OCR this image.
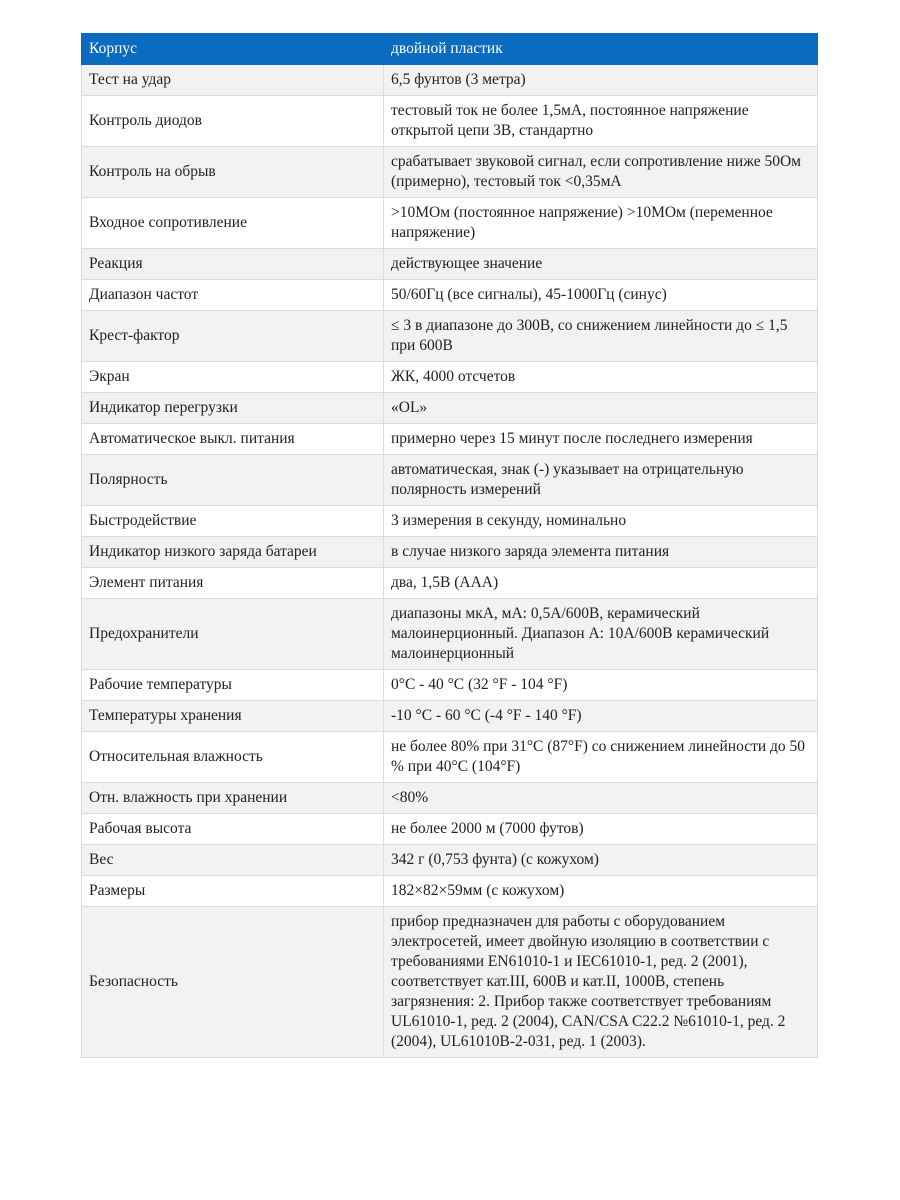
Корпус	двойной пластик
Тест на удар	6,5 фунтов (3 метра)
Контроль диодов	тестовый ток не более 1,5мА, постоянное напряжение открытой цепи 3В, стандартно
Контроль на обрыв	срабатывает звуковой сигнал, если сопротивление ниже 50Ом (примерно), тестовый ток <0,35мА
Входное сопротивление	>10МОм (постоянное напряжение) >10МОм (переменное напряжение)
Реакция	действующее значение
Диапазон частот	50/60Гц (все сигналы), 45-1000Гц (синус)
Крест-фактор	≤ 3 в диапазоне до 300В, со снижением линейности до ≤ 1,5 при 600В
Экран	ЖК, 4000 отсчетов
Индикатор перегрузки	«OL»
Автоматическое выкл. питания	примерно через 15 минут после последнего измерения
Полярность	автоматическая, знак (-) указывает на отрицательную полярность измерений
Быстродействие	3 измерения в секунду, номинально
Индикатор низкого заряда батареи	в случае низкого заряда элемента питания
Элемент питания	два, 1,5В (AAA)
Предохранители	диапазоны мкА, мА: 0,5A/600В, керамический малоинерционный. Диапазон А: 10A/600В керамический малоинерционный
Рабочие температуры	0°C - 40 °C (32 °F - 104 °F)
Температуры хранения	-10 °C - 60 °C (-4 °F - 140 °F)
Относительная влажность	не более 80% при 31°C (87°F) со снижением линейности до 50 % при 40°C (104°F)
Отн. влажность при хранении	<80%
Рабочая высота	не более 2000 м (7000 футов)
Вес	342 г (0,753 фунта) (с кожухом)
Размеры	182×82×59мм (с кожухом)
Безопасность	прибор предназначен для работы с оборудованием электросетей, имеет двойную изоляцию в соответствии с требованиями EN61010-1 и IEC61010-1, ред. 2 (2001), соответствует кат.III, 600В и кат.II, 1000В, степень загрязнения: 2. Прибор также соответствует требованиям UL61010-1, ред. 2 (2004), CAN/CSA C22.2 №61010-1, ред. 2 (2004), UL61010B-2-031, ред. 1 (2003).
